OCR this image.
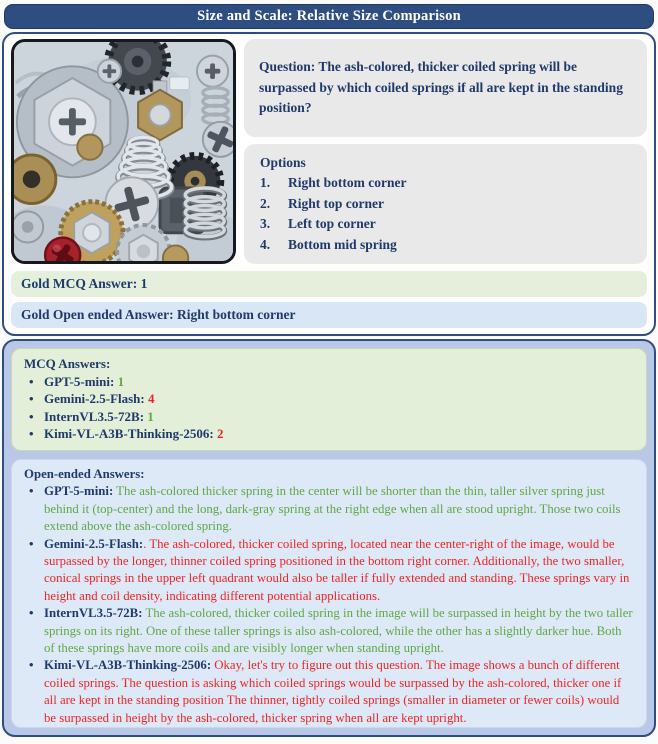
Size and Scale: Relative Size Comparison
Question: The ash-colored, thicker coiled spring will be surpassed by which coiled springs if all are kept in the standing position?
Options
1.	Right bottom corner
2.	Right top corner
3.	Left top corner
4.	Bottom mid spring
Gold MCQ Answer: 1
Gold Open ended Answer: Right bottom corner
MCQ Answers:
• GPT-5-mini: 1
• Gemini-2.5-Flash: 4
• InternVL3.5-72B: 1
• Kimi-VL-A3B-Thinking-2506: 2
Open-ended Answers:
• GPT-5-mini: The ash-colored thicker spring in the center will be shorter than the thin, taller silver spring just behind it (top-center) and the long, dark-gray spring at the right edge when all are stood upright. Those two coils extend above the ash-colored spring.
• Gemini-2.5-Flash:. The ash-colored, thicker coiled spring, located near the center-right of the image, would be surpassed by the longer, thinner coiled spring positioned in the bottom right corner. Additionally, the two smaller, conical springs in the upper left quadrant would also be taller if fully extended and standing. These springs vary in height and coil density, indicating different potential applications.
• InternVL3.5-72B: The ash-colored, thicker coiled spring in the image will be surpassed in height by the two taller springs on its right. One of these taller springs is also ash-colored, while the other has a slightly darker hue. Both of these springs have more coils and are visibly longer when standing upright.
• Kimi-VL-A3B-Thinking-2506: Okay, let's try to figure out this question. The image shows a bunch of different coiled springs. The question is asking which coiled springs would be surpassed by the ash-colored, thicker one if all are kept in the standing position The thinner, tightly coiled springs (smaller in diameter or fewer coils) would be surpassed in height by the ash-colored, thicker spring when all are kept upright.
